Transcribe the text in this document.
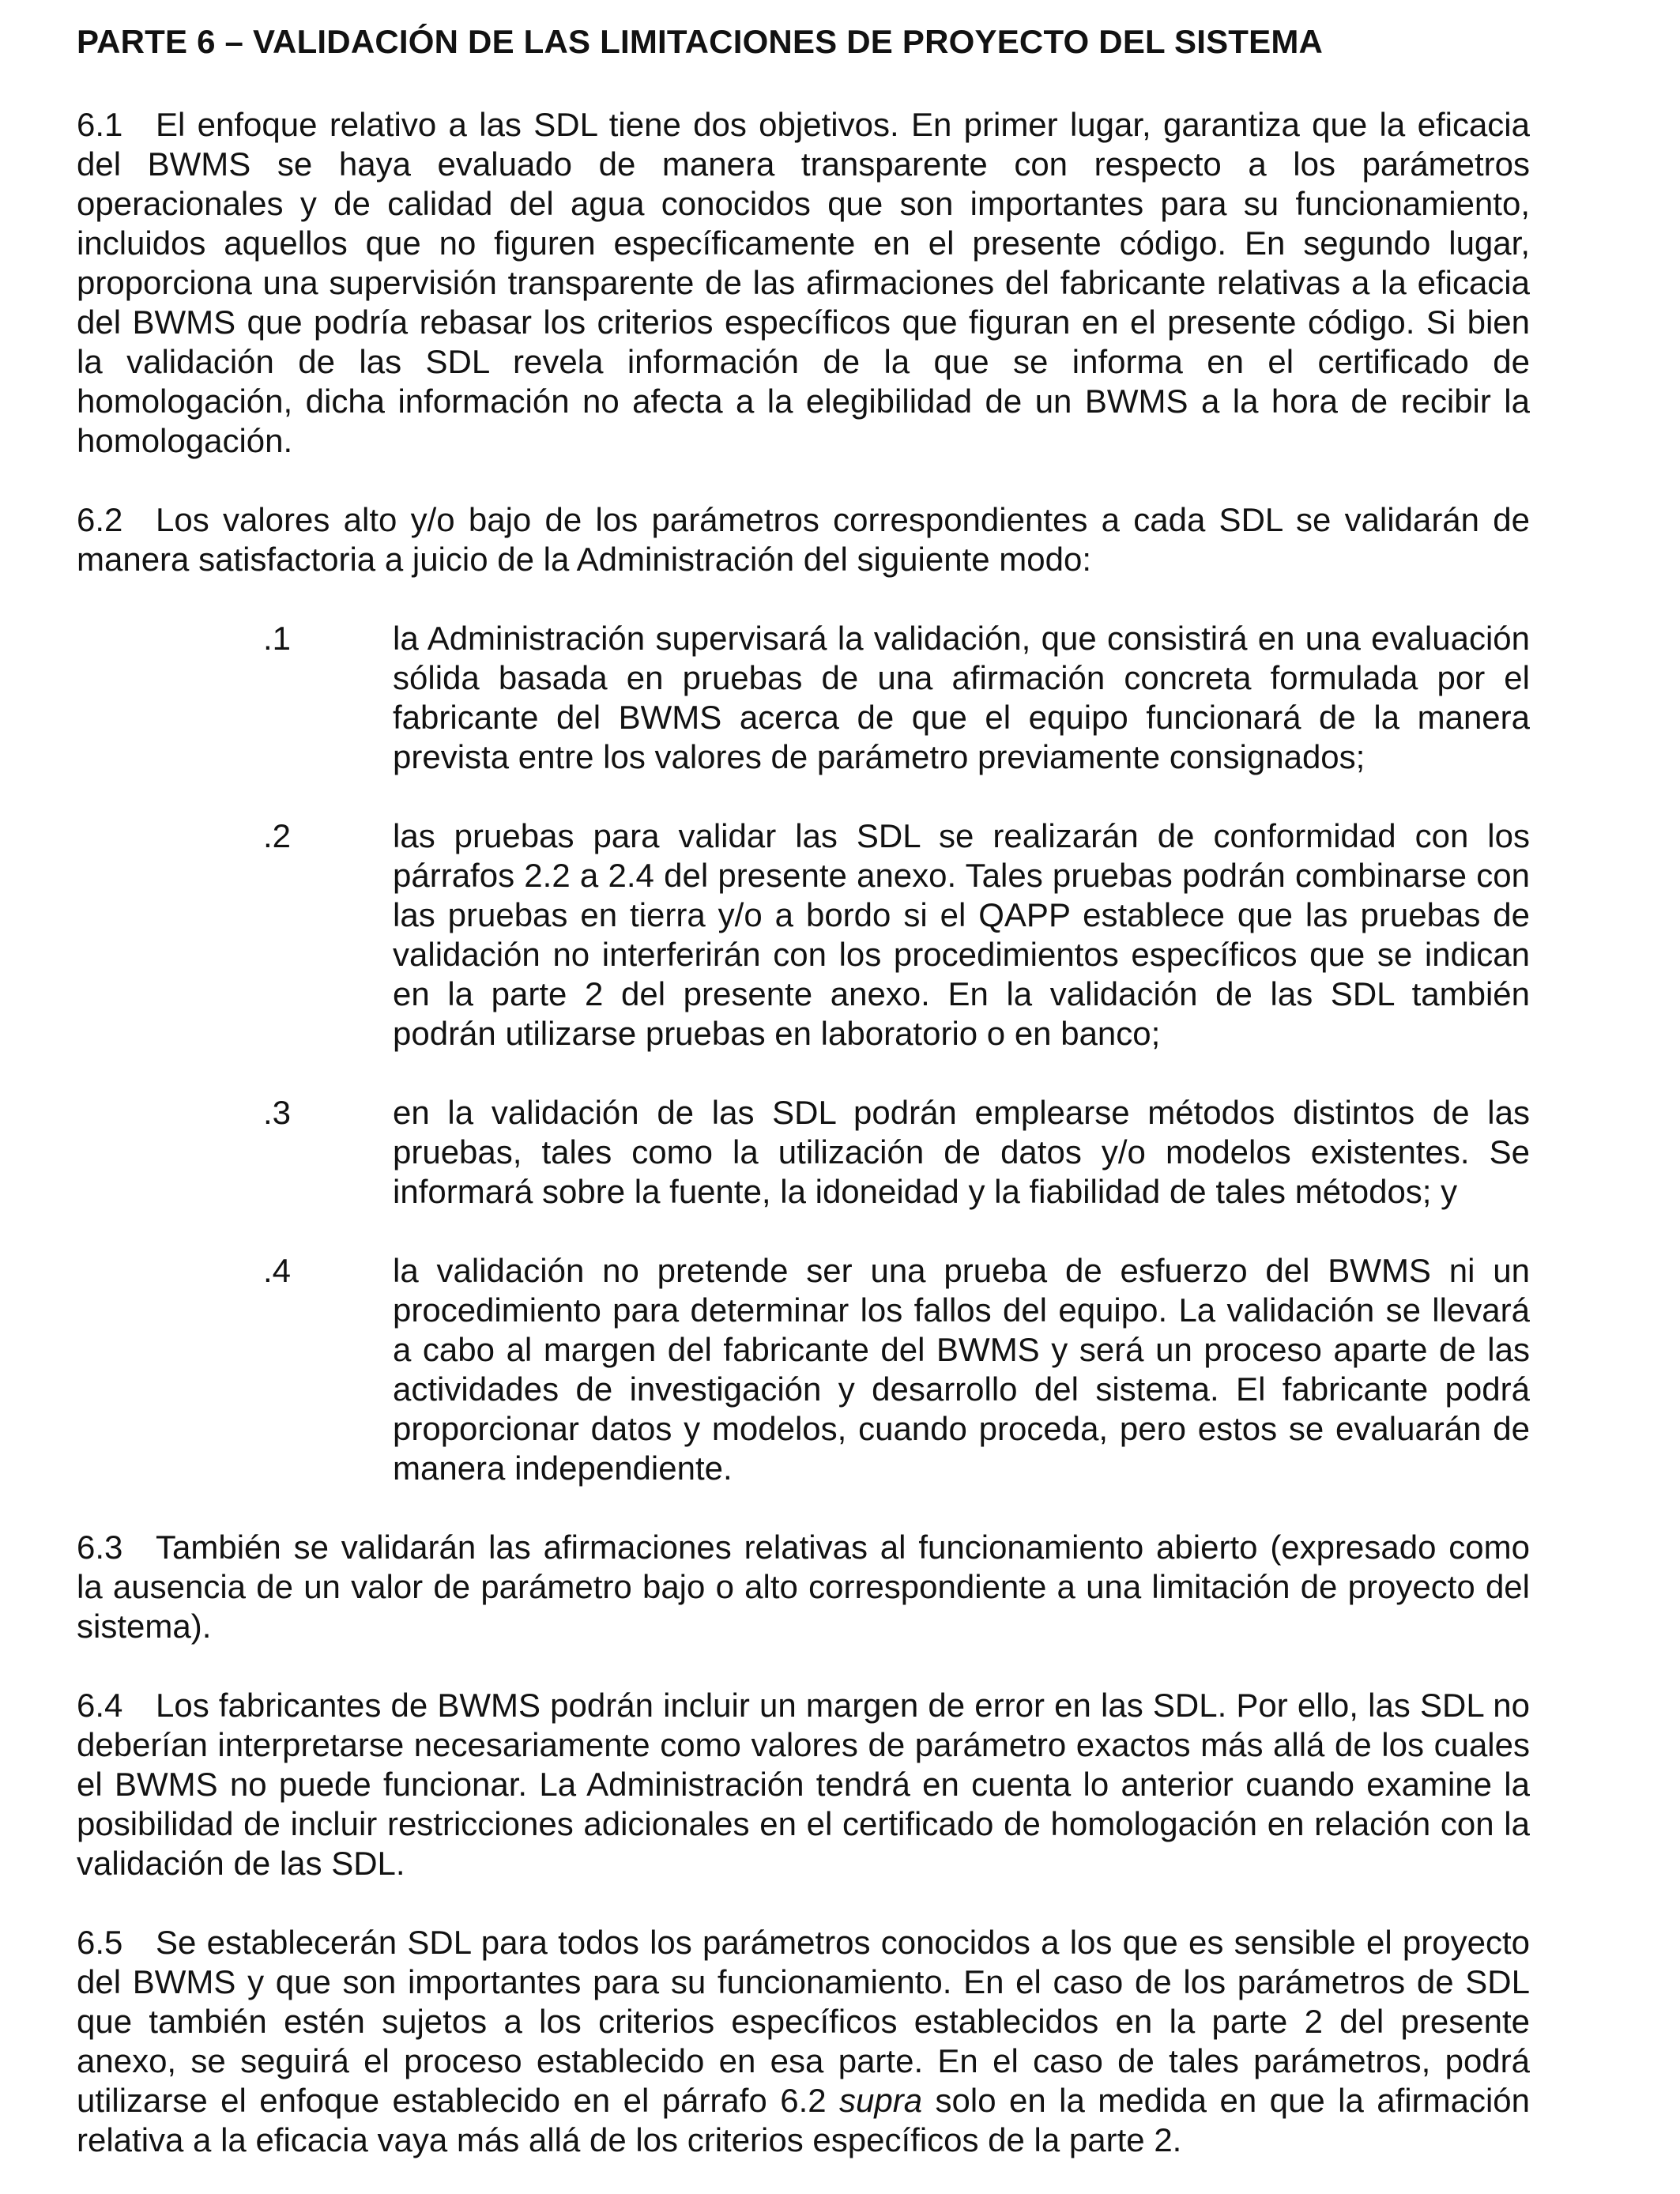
PARTE 6 – VALIDACIÓN DE LAS LIMITACIONES DE PROYECTO DEL SISTEMA

6.1 El enfoque relativo a las SDL tiene dos objetivos. En primer lugar, garantiza que la eficacia del BWMS se haya evaluado de manera transparente con respecto a los parámetros operacionales y de calidad del agua conocidos que son importantes para su funcionamiento, incluidos aquellos que no figuren específicamente en el presente código. En segundo lugar, proporciona una supervisión transparente de las afirmaciones del fabricante relativas a la eficacia del BWMS que podría rebasar los criterios específicos que figuran en el presente código. Si bien la validación de las SDL revela información de la que se informa en el certificado de homologación, dicha información no afecta a la elegibilidad de un BWMS a la hora de recibir la homologación.

6.2 Los valores alto y/o bajo de los parámetros correspondientes a cada SDL se validarán de manera satisfactoria a juicio de la Administración del siguiente modo:

.1	la Administración supervisará la validación, que consistirá en una evaluación sólida basada en pruebas de una afirmación concreta formulada por el fabricante del BWMS acerca de que el equipo funcionará de la manera prevista entre los valores de parámetro previamente consignados;
.2	las pruebas para validar las SDL se realizarán de conformidad con los párrafos 2.2 a 2.4 del presente anexo. Tales pruebas podrán combinarse con las pruebas en tierra y/o a bordo si el QAPP establece que las pruebas de validación no interferirán con los procedimientos específicos que se indican en la parte 2 del presente anexo. En la validación de las SDL también podrán utilizarse pruebas en laboratorio o en banco;
.3	en la validación de las SDL podrán emplearse métodos distintos de las pruebas, tales como la utilización de datos y/o modelos existentes. Se informará sobre la fuente, la idoneidad y la fiabilidad de tales métodos; y
.4	la validación no pretende ser una prueba de esfuerzo del BWMS ni un procedimiento para determinar los fallos del equipo. La validación se llevará a cabo al margen del fabricante del BWMS y será un proceso aparte de las actividades de investigación y desarrollo del sistema. El fabricante podrá proporcionar datos y modelos, cuando proceda, pero estos se evaluarán de manera independiente.

6.3 También se validarán las afirmaciones relativas al funcionamiento abierto (expresado como la ausencia de un valor de parámetro bajo o alto correspondiente a una limitación de proyecto del sistema).

6.4 Los fabricantes de BWMS podrán incluir un margen de error en las SDL. Por ello, las SDL no deberían interpretarse necesariamente como valores de parámetro exactos más allá de los cuales el BWMS no puede funcionar. La Administración tendrá en cuenta lo anterior cuando examine la posibilidad de incluir restricciones adicionales en el certificado de homologación en relación con la validación de las SDL.

6.5 Se establecerán SDL para todos los parámetros conocidos a los que es sensible el proyecto del BWMS y que son importantes para su funcionamiento. En el caso de los parámetros de SDL que también estén sujetos a los criterios específicos establecidos en la parte 2 del presente anexo, se seguirá el proceso establecido en esa parte. En el caso de tales parámetros, podrá utilizarse el enfoque establecido en el párrafo 6.2 supra solo en la medida en que la afirmación relativa a la eficacia vaya más allá de los criterios específicos de la parte 2.
